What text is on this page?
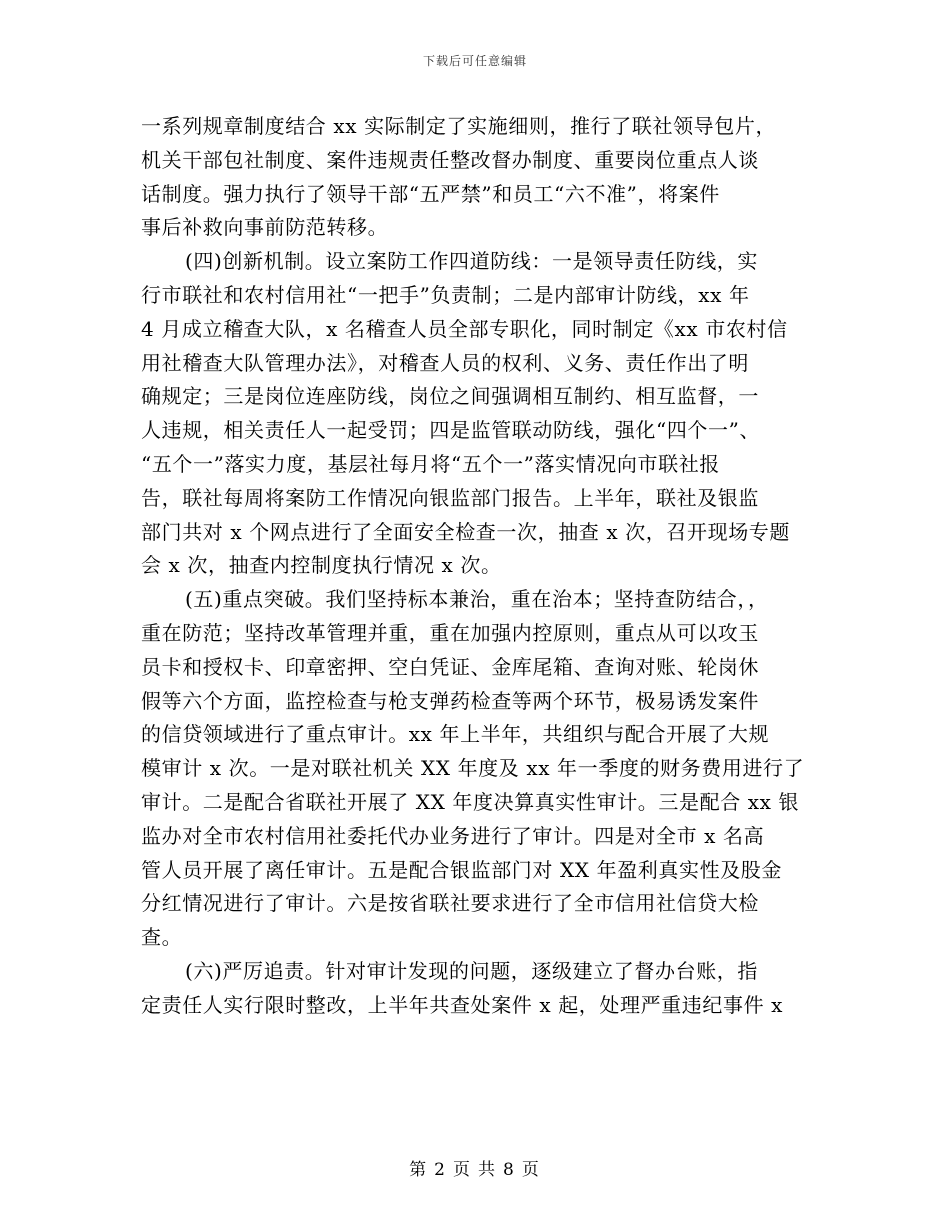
下载后可任意编辑
一系列规章制度结合 xx 实际制定了实施细则，推行了联社领导包片，
机关干部包社制度、案件违规责任整改督办制度、重要岗位重点人谈
话制度。强力执行了领导干部“五严禁”和员工“六不准”，将案件
事后补救向事前防范转移。
(四)创新机制。设立案防工作四道防线：一是领导责任防线，实
行市联社和农村信用社“一把手”负责制；二是内部审计防线，xx 年
4 月成立稽查大队，x 名稽查人员全部专职化，同时制定《xx 市农村信
用社稽查大队管理办法》，对稽查人员的权利、义务、责任作出了明
确规定；三是岗位连座防线，岗位之间强调相互制约、相互监督，一
人违规，相关责任人一起受罚；四是监管联动防线，强化“四个一”、
“五个一”落实力度，基层社每月将“五个一”落实情况向市联社报
告，联社每周将案防工作情况向银监部门报告。上半年，联社及银监
部门共对 x 个网点进行了全面安全检查一次，抽查 x 次，召开现场专题
会 x 次，抽查内控制度执行情况 x 次。
(五)重点突破。我们坚持标本兼治，重在治本；坚持查防结合，，
重在防范；坚持改革管理并重，重在加强内控原则，重点从可以攻玉
员卡和授权卡、印章密押、空白凭证、金库尾箱、查询对账、轮岗休
假等六个方面，监控检查与枪支弹药检查等两个环节，极易诱发案件
的信贷领域进行了重点审计。xx 年上半年，共组织与配合开展了大规
模审计 x 次。一是对联社机关 XX 年度及 xx 年一季度的财务费用进行了
审计。二是配合省联社开展了 XX 年度决算真实性审计。三是配合 xx 银
监办对全市农村信用社委托代办业务进行了审计。四是对全市 x 名高
管人员开展了离任审计。五是配合银监部门对 XX 年盈利真实性及股金
分红情况进行了审计。六是按省联社要求进行了全市信用社信贷大检
查。
(六)严厉追责。针对审计发现的问题，逐级建立了督办台账，指
定责任人实行限时整改，上半年共查处案件 x 起，处理严重违纪事件 x
第 2 页 共 8 页
